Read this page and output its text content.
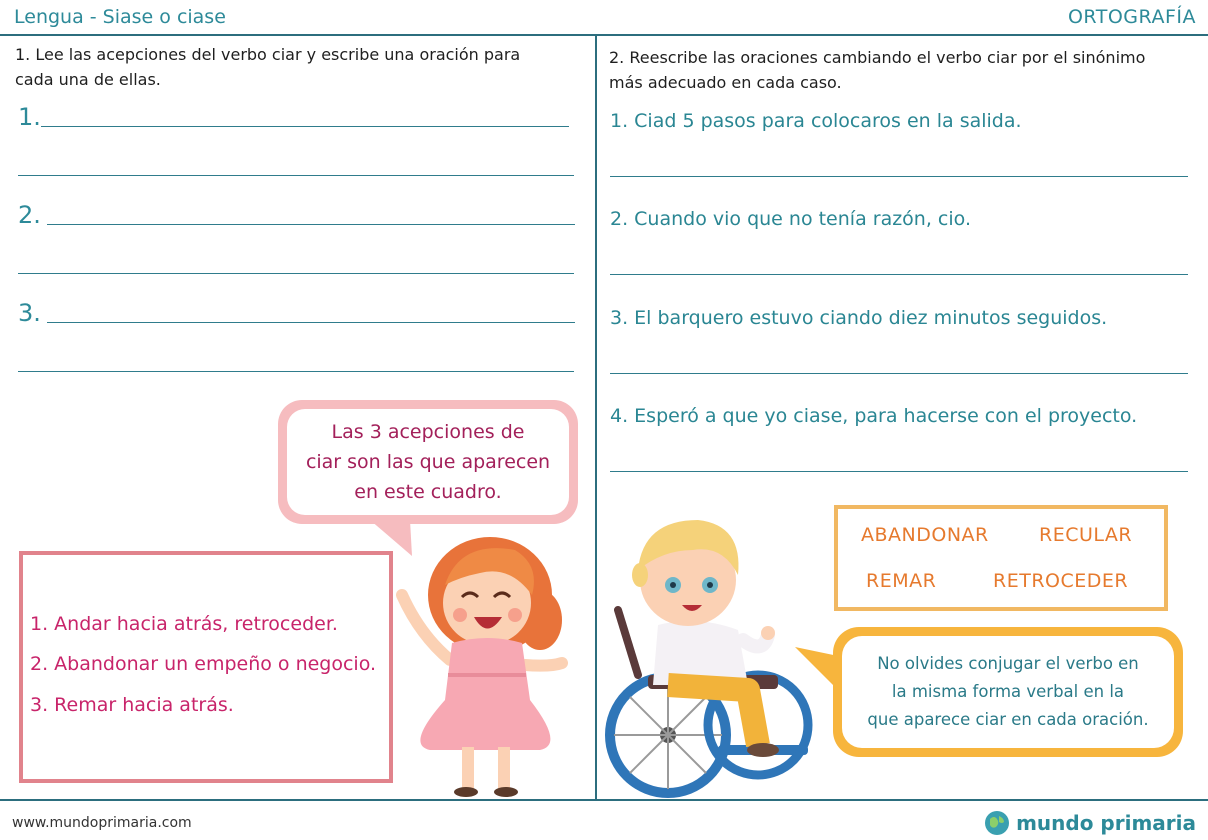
Lengua - Siase o ciase	ORTOGRAFÍA
1. Lee las acepciones del verbo ciar y escribe una oración para
cada una de ellas.
1.
2.
3.
Las 3 acepciones de
ciar son las que aparecen
en este cuadro.
1. Andar hacia atrás, retroceder.
2. Abandonar un empeño o negocio.
3. Remar hacia atrás.
2. Reescribe las oraciones cambiando el verbo ciar por el sinónimo
más adecuado en cada caso.
1. Ciad 5 pasos para colocaros en la salida.
2. Cuando vio que no tenía razón, cio.
3. El barquero estuvo ciando diez minutos seguidos.
4. Esperó a que yo ciase, para hacerse con el proyecto.
ABANDONAR	RECULAR
REMAR	RETROCEDER
No olvides conjugar el verbo en
la misma forma verbal en la
que aparece ciar en cada oración.
www.mundoprimaria.com	mundo primaria
